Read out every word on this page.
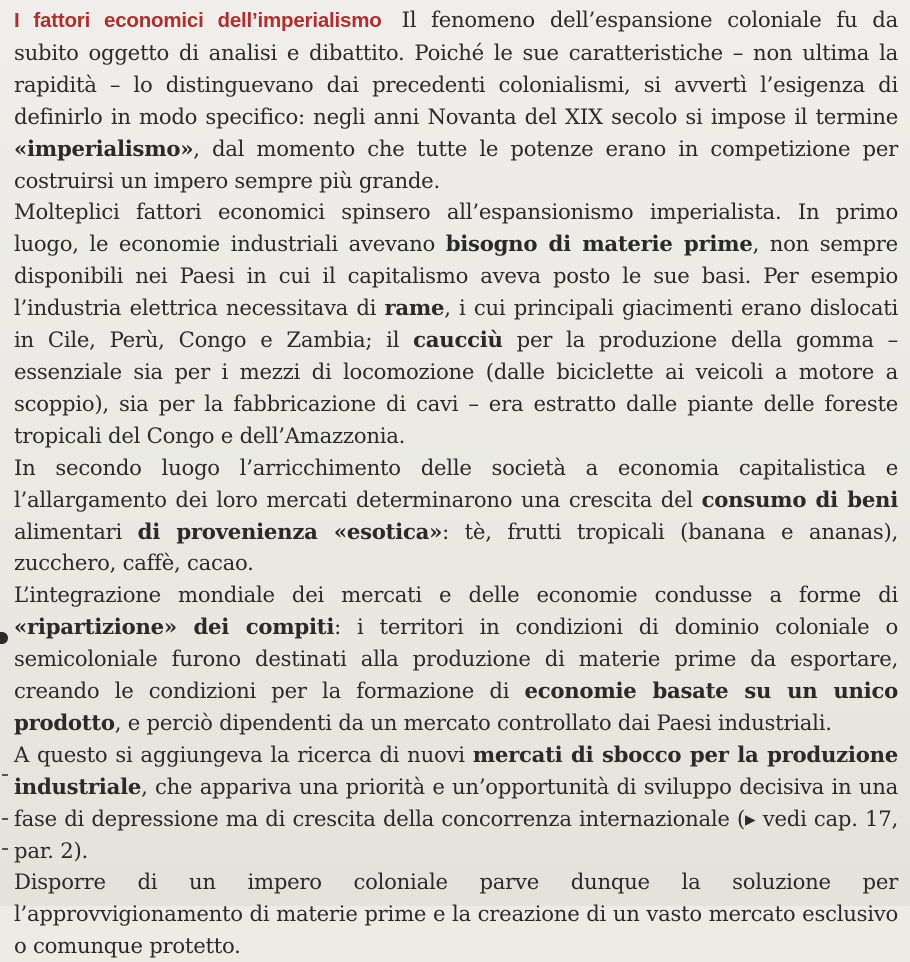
I fattori economici dell’imperialismo Il fenomeno dell’espansione coloniale fu da subito oggetto di analisi e dibattito. Poiché le sue caratteristiche – non ultima la rapidità – lo distinguevano dai precedenti colonialismi, si avvertì l’esigenza di definirlo in modo specifico: negli anni Novanta del XIX secolo si impose il termine «imperialismo», dal momento che tutte le potenze erano in competizione per costruirsi un impero sempre più grande.

Molteplici fattori economici spinsero all’espansionismo imperialista. In primo luogo, le economie industriali avevano bisogno di materie prime, non sempre disponibili nei Paesi in cui il capitalismo aveva posto le sue basi. Per esempio l’industria elettrica necessitava di rame, i cui principali giacimenti erano dislocati in Cile, Perù, Congo e Zambia; il caucciù per la produzione della gomma – essenziale sia per i mezzi di locomozione (dalle biciclette ai veicoli a motore a scoppio), sia per la fabbricazione di cavi – era estratto dalle piante delle foreste tropicali del Congo e dell’Amazzonia.

In secondo luogo l’arricchimento delle società a economia capitalistica e l’allargamento dei loro mercati determinarono una crescita del consumo di beni alimentari di provenienza «esotica»: tè, frutti tropicali (banana e ananas), zucchero, caffè, cacao.

L’integrazione mondiale dei mercati e delle economie condusse a forme di «ripartizione» dei compiti: i territori in condizioni di dominio coloniale o semicoloniale furono destinati alla produzione di materie prime da esportare, creando le condizioni per la formazione di economie basate su un unico prodotto, e perciò dipendenti da un mercato controllato dai Paesi industriali.

A questo si aggiungeva la ricerca di nuovi mercati di sbocco per la produzione industriale, che appariva una priorità e un’opportunità di sviluppo decisiva in una fase di depressione ma di crescita della concorrenza internazionale (▸ vedi cap. 17, par. 2).

Disporre di un impero coloniale parve dunque la soluzione per l’approvvigionamento di materie prime e la creazione di un vasto mercato esclusivo o comunque protetto.
